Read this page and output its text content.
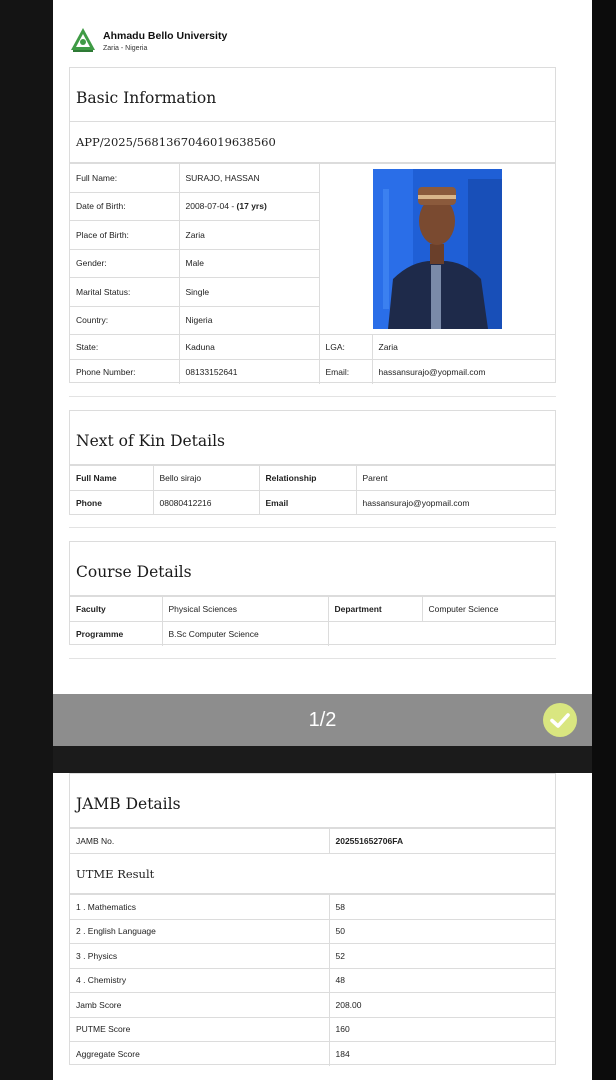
Ahmadu Bello University
Zaria - Nigeria
Basic Information
APP/2025/5681367046019638560
Full Name:	SURAJO, HASSAN	

Date of Birth:	2008-07-04 - (17 yrs)		
Place of Birth:	Zaria		
Gender:	Male		
Marital Status:	Single		
Country:	Nigeria		
State:	Kaduna	LGA:	Zaria
Phone Number:	08133152641	Email:	hassansurajo@yopmail.com
Next of Kin Details
Full Name	Bello sirajo	Relationship	Parent
Phone	08080412216	Email	hassansurajo@yopmail.com
Course Details
Faculty	Physical Sciences	Department	Computer Science
Programme	B.Sc Computer Science		
1/2
JAMB Details
JAMB No.	202551652706FA
UTME Result
1 . Mathematics	58
2 . English Language	50
3 . Physics	52
4 . Chemistry	48
Jamb Score	208.00
PUTME Score	160
Aggregate Score	184
